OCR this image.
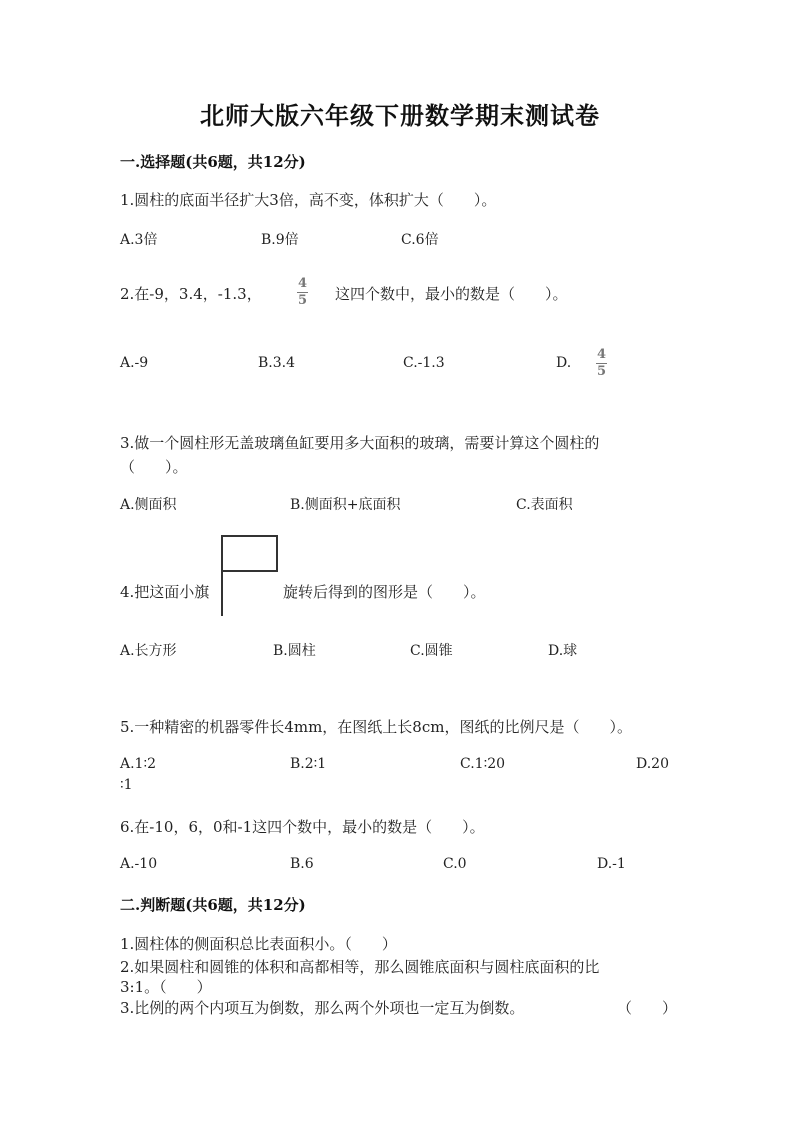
北师大版六年级下册数学期末测试卷
一.选择题(共6题，共12分)
1.圆柱的底面半径扩大3倍，高不变，体积扩大（　　）。
A.3倍	B.9倍	C.6倍
2.在-9，3.4，-1.3，
4
5 这四个数中，最小的数是（　　）。
A.-9	B.3.4	C.-1.3	D.
4
5
3.做一个圆柱形无盖玻璃鱼缸要用多大面积的玻璃，需要计算这个圆柱的
（　　）。
A.侧面积	B.侧面积+底面积	C.表面积
4.把这面小旗	旋转后得到的图形是（　　）。
A.长方形	B.圆柱	C.圆锥	D.球
5.一种精密的机器零件长4mm，在图纸上长8cm，图纸的比例尺是（　　）。
A.1∶2	B.2∶1	C.1∶20	D.20
∶1
6.在-10，6，0和-1这四个数中，最小的数是（　　）。
A.-10	B.6	C.0	D.-1
二.判断题(共6题，共12分)
1.圆柱体的侧面积总比表面积小。（　　）
2.如果圆柱和圆锥的体积和高都相等，那么圆锥底面积与圆柱底面积的比
3:1。（　　）
3.比例的两个内项互为倒数，那么两个外项也一定互为倒数。	（　　）
